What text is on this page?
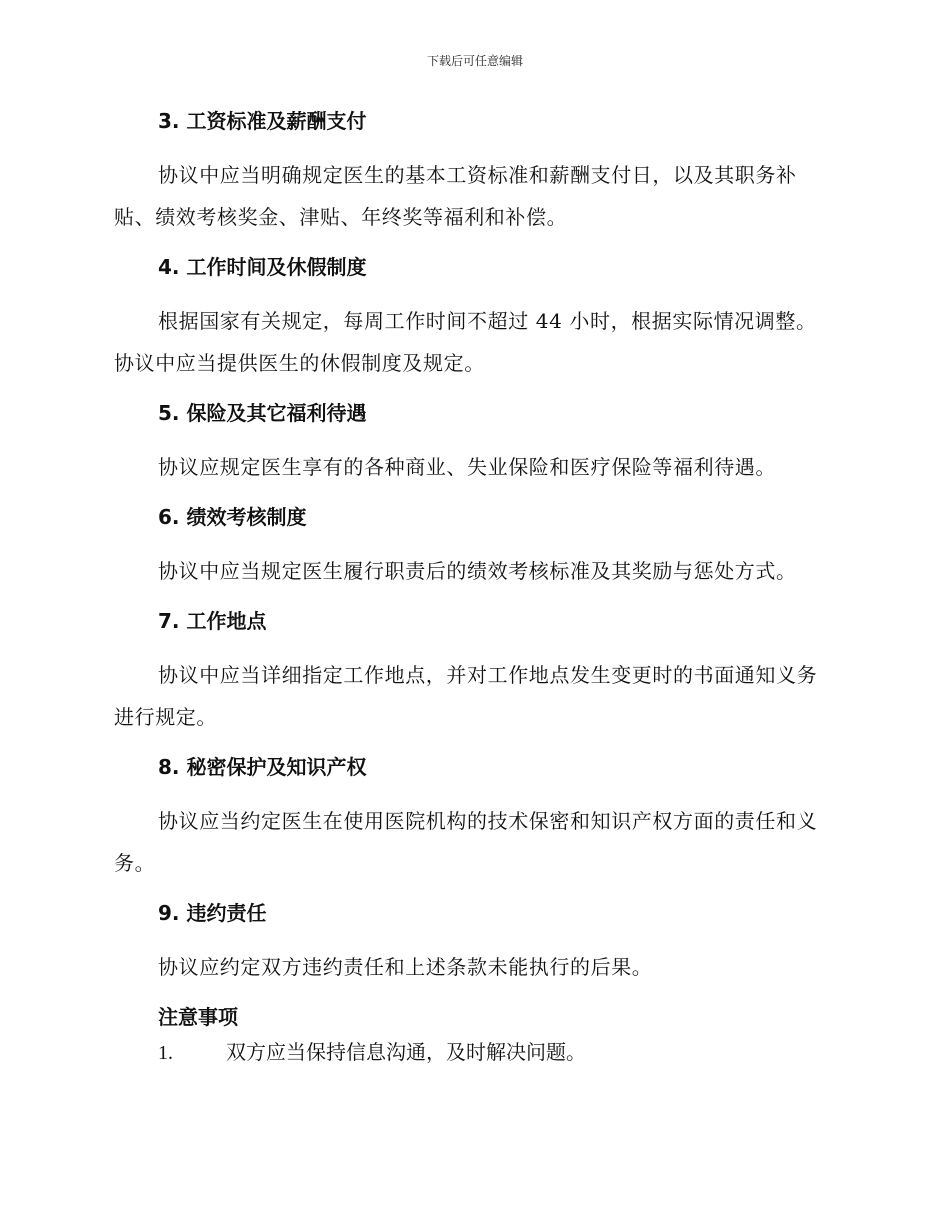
下载后可任意编辑
3. 工资标准及薪酬支付

协议中应当明确规定医生的基本工资标准和薪酬支付日，以及其职务补贴、绩效考核奖金、津贴、年终奖等福利和补偿。

4. 工作时间及休假制度

根据国家有关规定，每周工作时间不超过 44 小时，根据实际情况调整。协议中应当提供医生的休假制度及规定。

5. 保险及其它福利待遇

协议应规定医生享有的各种商业、失业保险和医疗保险等福利待遇。

6. 绩效考核制度

协议中应当规定医生履行职责后的绩效考核标准及其奖励与惩处方式。

7. 工作地点

协议中应当详细指定工作地点，并对工作地点发生变更时的书面通知义务进行规定。

8. 秘密保护及知识产权

协议应当约定医生在使用医院机构的技术保密和知识产权方面的责任和义务。

9. 违约责任

协议应约定双方违约责任和上述条款未能执行的后果。

注意事项

1.	双方应当保持信息沟通，及时解决问题。
